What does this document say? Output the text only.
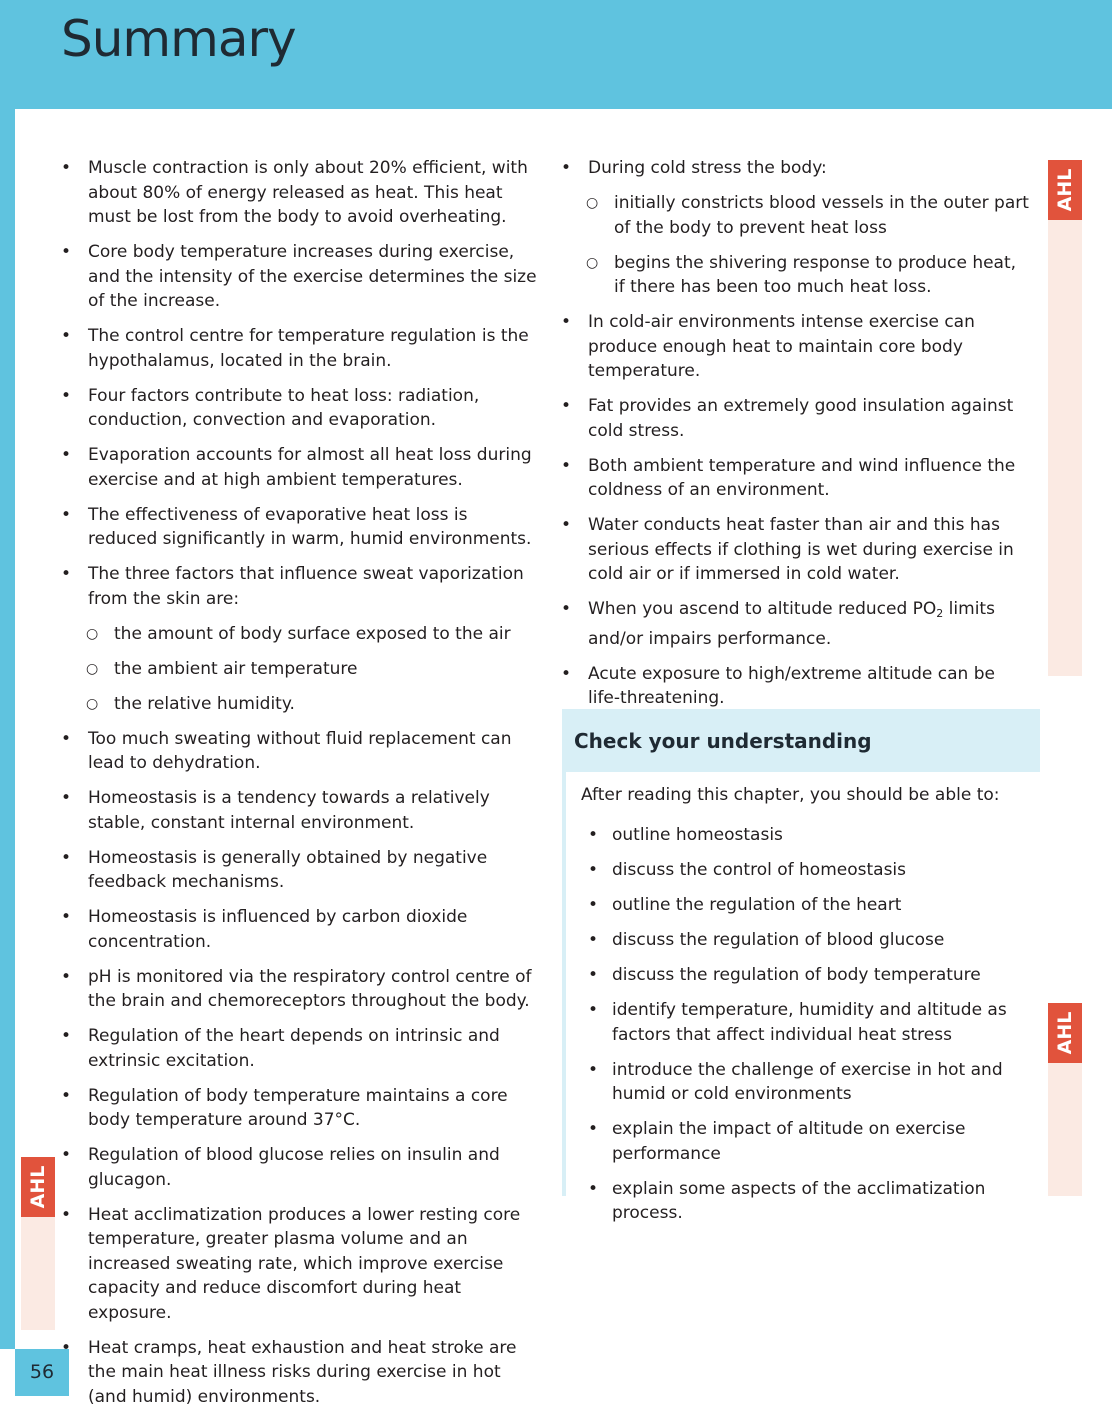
Summary
56
AHL
AHL
AHL
• Muscle contraction is only about 20% efficient, with about 80% of energy released as heat. This heat must be lost from the body to avoid overheating.
• Core body temperature increases during exercise, and the intensity of the exercise determines the size of the increase.
• The control centre for temperature regulation is the hypothalamus, located in the brain.
• Four factors contribute to heat loss: radiation, conduction, convection and evaporation.
• Evaporation accounts for almost all heat loss during exercise and at high ambient temperatures.
• The effectiveness of evaporative heat loss is reduced significantly in warm, humid environments.
• The three factors that influence sweat vaporization from the skin are:
○ the amount of body surface exposed to the air
○ the ambient air temperature
○ the relative humidity.
• Too much sweating without fluid replacement can lead to dehydration.
• Homeostasis is a tendency towards a relatively stable, constant internal environment.
• Homeostasis is generally obtained by negative feedback mechanisms.
• Homeostasis is influenced by carbon dioxide concentration.
• pH is monitored via the respiratory control centre of the brain and chemoreceptors throughout the body.
• Regulation of the heart depends on intrinsic and extrinsic excitation.
• Regulation of body temperature maintains a core body temperature around 37°C.
• Regulation of blood glucose relies on insulin and glucagon.
• Heat acclimatization produces a lower resting core temperature, greater plasma volume and an increased sweating rate, which improve exercise capacity and reduce discomfort during heat exposure.
• Heat cramps, heat exhaustion and heat stroke are the main heat illness risks during exercise in hot (and humid) environments.
• During cold stress the body:
○ initially constricts blood vessels in the outer part of the body to prevent heat loss
○ begins the shivering response to produce heat, if there has been too much heat loss.
• In cold-air environments intense exercise can produce enough heat to maintain core body temperature.
• Fat provides an extremely good insulation against cold stress.
• Both ambient temperature and wind influence the coldness of an environment.
• Water conducts heat faster than air and this has serious effects if clothing is wet during exercise in cold air or if immersed in cold water.
• When you ascend to altitude reduced $PO_2$ limits and/or impairs performance.
• Acute exposure to high/extreme altitude can be life-threatening.
Check your understanding
After reading this chapter, you should be able to:
• outline homeostasis
• discuss the control of homeostasis
• outline the regulation of the heart
• discuss the regulation of blood glucose
• discuss the regulation of body temperature
• identify temperature, humidity and altitude as factors that affect individual heat stress
• introduce the challenge of exercise in hot and humid or cold environments
• explain the impact of altitude on exercise performance
• explain some aspects of the acclimatization process.
